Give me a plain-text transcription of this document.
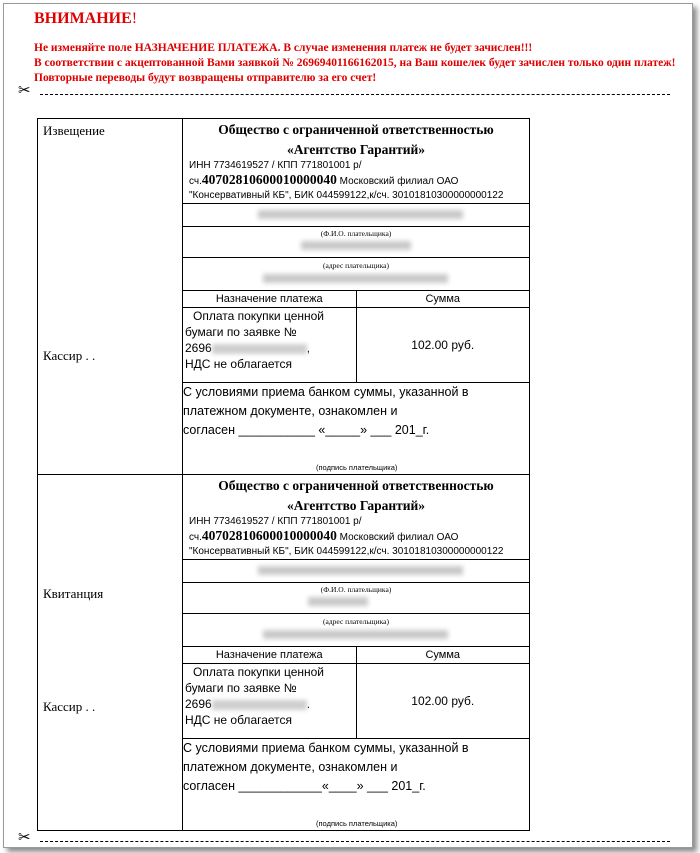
ВНИМАНИЕ!
Не изменяйте поле НАЗНАЧЕНИЕ ПЛАТЕЖА. В случае изменения платеж не будет зачислен!!!
В соответствии с акцептованной Вами заявкой № 26969401166162015, на Ваш кошелек будет зачислен только один платеж!
Повторные переводы будут возвращены отправителю за его счет!
✂
Извещение
Кассир . .

Общество с ограниченной ответственностью
«Агентство Гарантий»
ИНН 7734619527 / КПП 771801001 р/
сч.40702810600010000040 Московский филиал ОАО
"Консервативный КБ", БИК 044599122,к/сч. 30101810300000000122

(Ф.И.О. плательщика)

(адрес плательщика)

Назначение платежа	Сумма

Оплата покупки ценной
бумаги по заявке №
2696	,
НДС не облагается
	102.00 руб.

С условиями приема банком суммы, указанной в
платежном документе, ознакомлен и
согласен ___________ «_____» ___ 201_г.
(подпись плательщика)

Квитанция
Кассир . .

Общество с ограниченной ответственностью
«Агентство Гарантий»
ИНН 7734619527 / КПП 771801001 р/
сч.40702810600010000040 Московский филиал ОАО
"Консервативный КБ", БИК 044599122,к/сч. 30101810300000000122

(Ф.И.О. плательщика)

(адрес плательщика)

Назначение платежа	Сумма

Оплата покупки ценной
бумаги по заявке №
2696	.
НДС не облагается
	102.00 руб.

С условиями приема банком суммы, указанной в
платежном документе, ознакомлен и
согласен ____________«____» ___ 201_г.
(подпись плательщика)
✂
